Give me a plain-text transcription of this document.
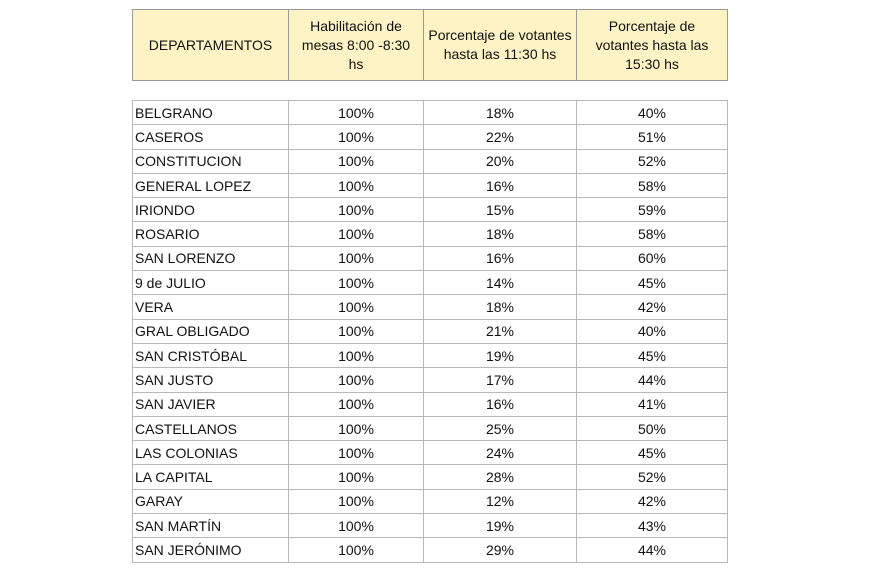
DEPARTAMENTOS	Habilitación de mesas 8:00 -8:30 hs	Porcentaje de votantes hasta las 11:30 hs	Porcentaje de votantes hasta las 15:30 hs
BELGRANO	100%	18%	40%
CASEROS	100%	22%	51%
CONSTITUCION	100%	20%	52%
GENERAL LOPEZ	100%	16%	58%
IRIONDO	100%	15%	59%
ROSARIO	100%	18%	58%
SAN LORENZO	100%	16%	60%
9 de JULIO	100%	14%	45%
VERA	100%	18%	42%
GRAL OBLIGADO	100%	21%	40%
SAN CRISTÓBAL	100%	19%	45%
SAN JUSTO	100%	17%	44%
SAN JAVIER	100%	16%	41%
CASTELLANOS	100%	25%	50%
LAS COLONIAS	100%	24%	45%
LA CAPITAL	100%	28%	52%
GARAY	100%	12%	42%
SAN MARTÍN	100%	19%	43%
SAN JERÓNIMO	100%	29%	44%
